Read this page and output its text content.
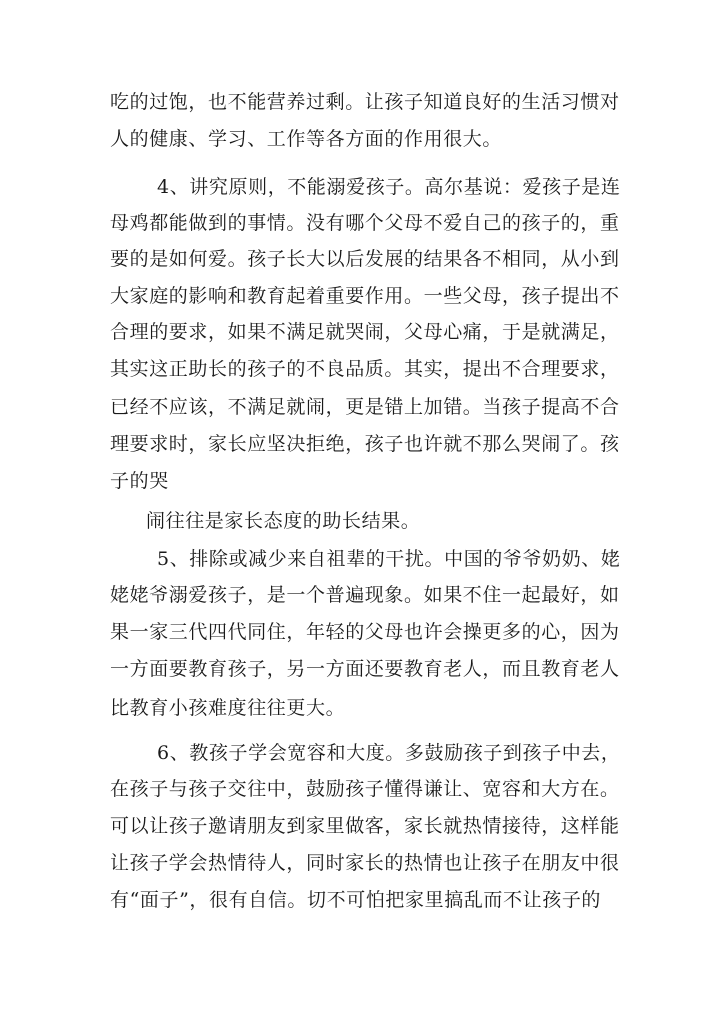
吃的过饱，也不能营养过剩。让孩子知道良好的生活习惯对
人的健康、学习、工作等各方面的作用很大。
4、讲究原则，不能溺爱孩子。高尔基说：爱孩子是连
母鸡都能做到的事情。没有哪个父母不爱自己的孩子的，重
要的是如何爱。孩子长大以后发展的结果各不相同，从小到
大家庭的影响和教育起着重要作用。一些父母，孩子提出不
合理的要求，如果不满足就哭闹，父母心痛，于是就满足，
其实这正助长的孩子的不良品质。其实，提出不合理要求，
已经不应该，不满足就闹，更是错上加错。当孩子提高不合
理要求时，家长应坚决拒绝，孩子也许就不那么哭闹了。孩
子的哭
闹往往是家长态度的助长结果。
5、排除或减少来自祖辈的干扰。中国的爷爷奶奶、姥
姥姥爷溺爱孩子，是一个普遍现象。如果不住一起最好，如
果一家三代四代同住，年轻的父母也许会操更多的心，因为
一方面要教育孩子，另一方面还要教育老人，而且教育老人
比教育小孩难度往往更大。
6、教孩子学会宽容和大度。多鼓励孩子到孩子中去，
在孩子与孩子交往中，鼓励孩子懂得谦让、宽容和大方在。
可以让孩子邀请朋友到家里做客，家长就热情接待，这样能
让孩子学会热情待人，同时家长的热情也让孩子在朋友中很
有“面子”，很有自信。切不可怕把家里搞乱而不让孩子的
